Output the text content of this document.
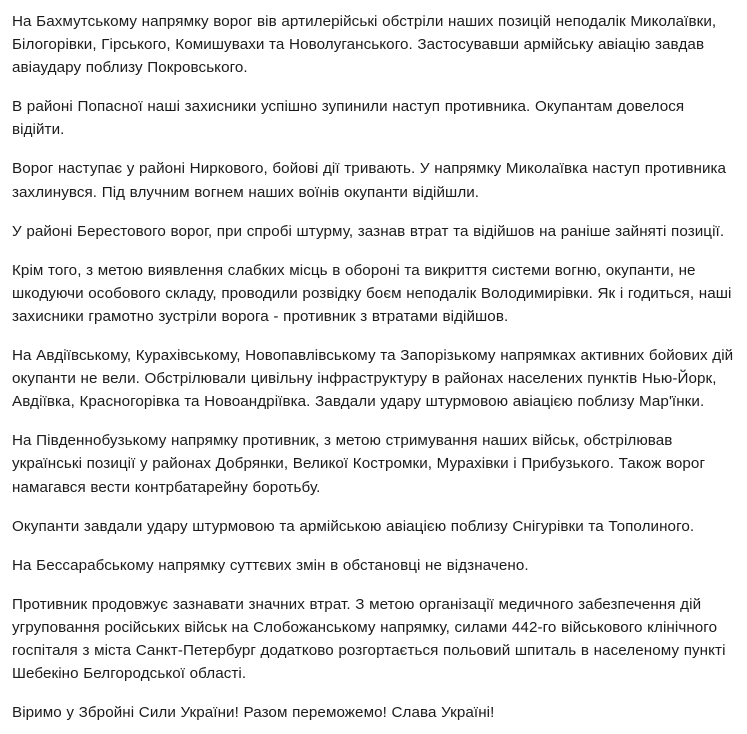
На Бахмутському напрямку ворог вів артилерійські обстріли наших позицій неподалік Миколаївки, Білогорівки, Гірського, Комишувахи та Новолуганського. Застосувавши армійську авіацію завдав авіаудару поблизу Покровського.

В районі Попасної наші захисники успішно зупинили наступ противника. Окупантам довелося відійти.

Ворог наступає у районі Ниркового, бойові дії тривають. У напрямку Миколаївка наступ противника захлинувся. Під влучним вогнем наших воїнів окупанти відійшли.

У районі Берестового ворог, при спробі штурму, зазнав втрат та відійшов на раніше зайняті позиції.

Крім того, з метою виявлення слабких місць в обороні та викриття системи вогню, окупанти, не шкодуючи особового складу, проводили розвідку боєм неподалік Володимирівки. Як і годиться, наші захисники грамотно зустріли ворога - противник з втратами відійшов.

На Авдіївському, Курахівському, Новопавлівському та Запорізькому напрямках активних бойових дій окупанти не вели. Обстрілювали цивільну інфраструктуру в районах населених пунктів Нью-Йорк, Авдіївка, Красногорівка та Новоандріївка. Завдали удару штурмовою авіацією поблизу Мар'їнки.

На Південнобузькому напрямку противник, з метою стримування наших військ, обстрілював українські позиції у районах Добрянки, Великої Костромки, Мурахівки і Прибузького. Також ворог намагався вести контрбатарейну боротьбу.

Окупанти завдали удару штурмовою та армійською авіацією поблизу Снігурівки та Тополиного.

На Бессарабському напрямку суттєвих змін в обстановці не відзначено.

Противник продовжує зазнавати значних втрат. З метою організації медичного забезпечення дій угруповання російських військ на Слобожанському напрямку, силами 442-го військового клінічного госпіталя з міста Санкт-Петербург додатково розгортається польовий шпиталь в населеному пункті Шебекіно Белгородської області.

Віримо у Збройні Сили України! Разом переможемо! Слава Україні!
